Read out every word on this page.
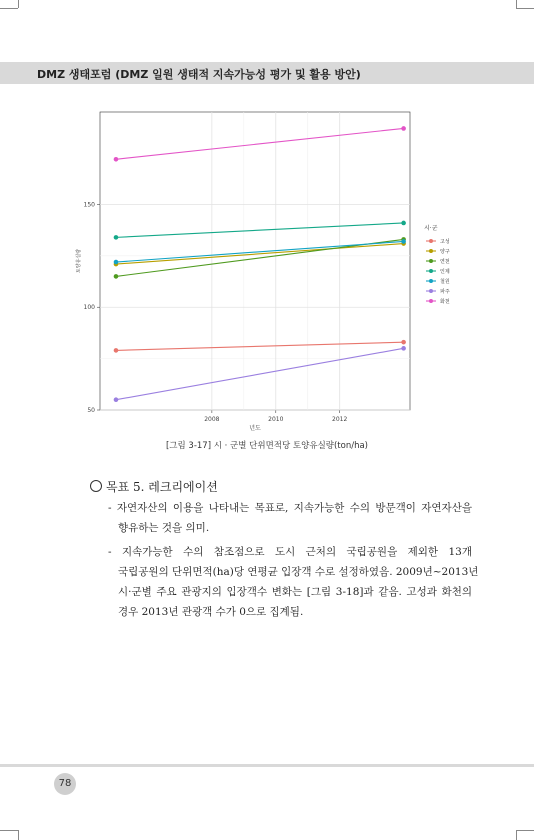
DMZ 생태포럼 (DMZ 일원 생태적 지속가능성 평가 및 활용 방안)
2008	2010	2012
50
100
150
년도
토양유실량
시·군
고성
양구
연천
인제
철원
파주
화천
[그림 3-17] 시 · 군별 단위면적당 토양유실량(ton/ha)
목표 5. 레크리에이션
- 자연자산의 이용을 나타내는 목표로, 지속가능한 수의 방문객이 자연자산을
향유하는 것을 의미.
- 지속가능한 수의 참조점으로 도시 근처의 국립공원을 제외한 13개
국립공원의 단위면적(ha)당 연평균 입장객 수로 설정하였음. 2009년~2013년
시·군별 주요 관광지의 입장객수 변화는 [그림 3-18]과 같음. 고성과 화천의
경우 2013년 관광객 수가 0으로 집계됨.
78
